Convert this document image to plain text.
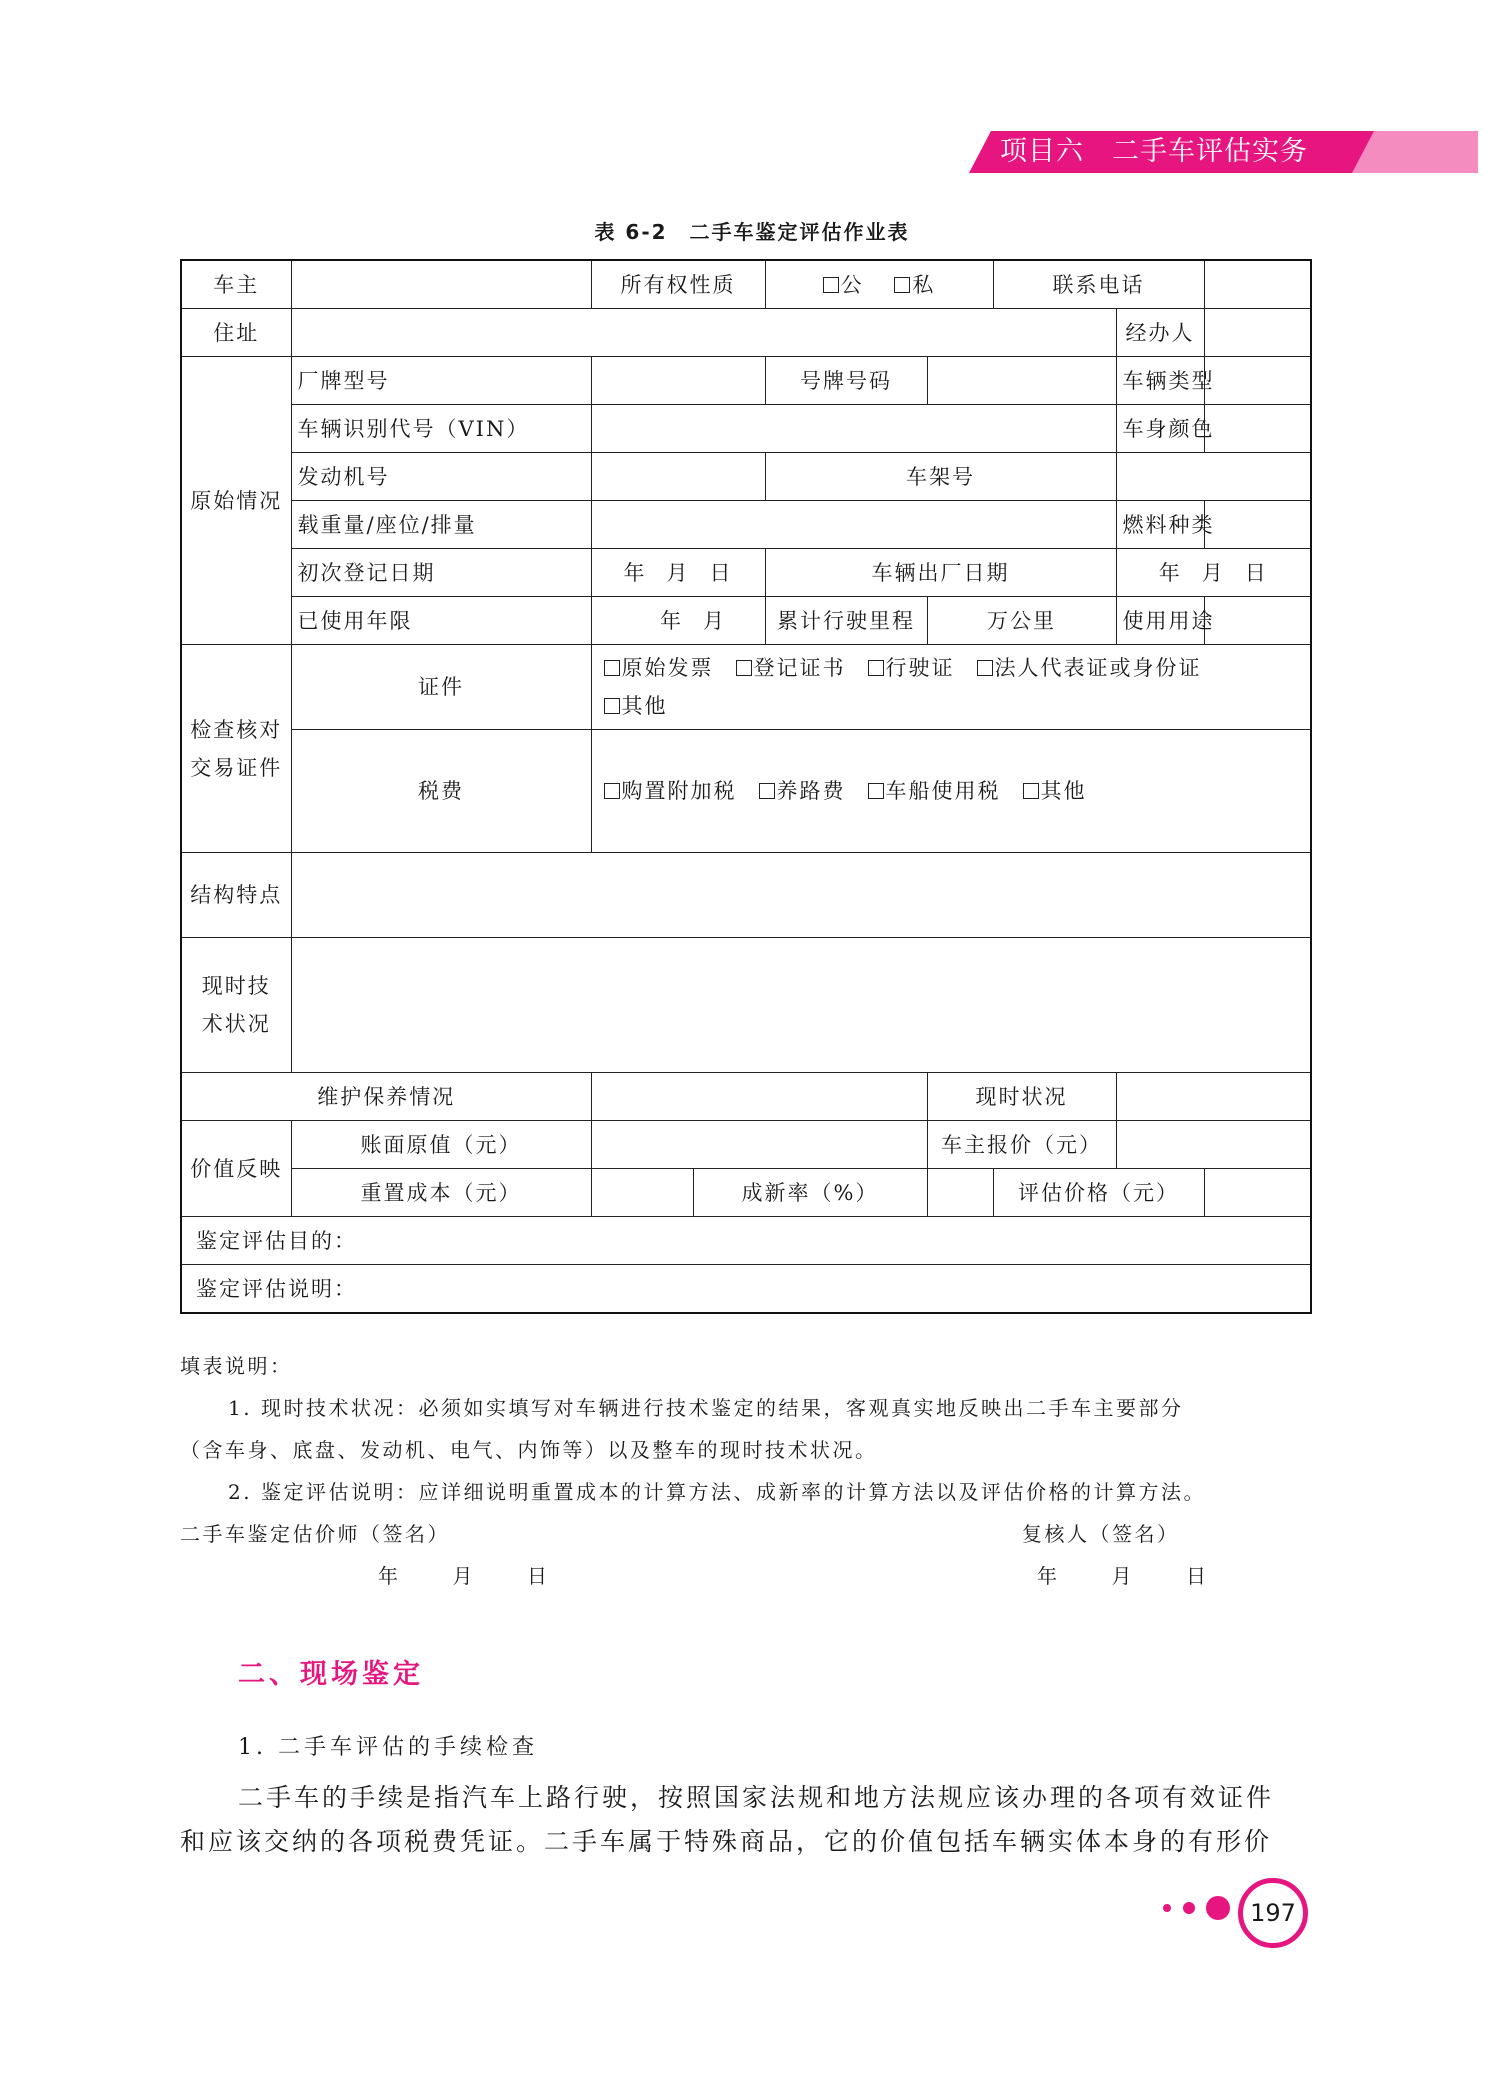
项目六　二手车评估实务
表 6-2　二手车鉴定评估作业表
车主		所有权性质		公 私		联系电话		
住址							经办人	
原始情况	厂牌型号			号牌号码			车辆类型	
	车辆识别代号（VIN）						车身颜色	
	发动机号			车架号				
	载重量/座位/排量						燃料种类	
	初次登记日期	年 月 日		车辆出厂日期			年 月 日	
	已使用年限	年 月		累计行驶里程	万公里		使用用途	
检查核对交易证件	证件	原始发票 登记证书 行驶证 法人代表证或身份证
其他						
	税费	购置附加税 养路费 车船使用税 其他						
结构特点								
现时技术状况								
维护保养情况					现时状况			
价值反映	账面原值（元）				车主报价（元）			
	重置成本（元）		成新率（%）			评估价格（元）		
鉴定评估目的：								
鉴定评估说明：								
填表说明：
1. 现时技术状况：必须如实填写对车辆进行技术鉴定的结果，客观真实地反映出二手车主要部分
（含车身、底盘、发动机、电气、内饰等）以及整车的现时技术状况。
2. 鉴定评估说明：应详细说明重置成本的计算方法、成新率的计算方法以及评估价格的计算方法。
二手车鉴定估价师（签名）	复核人（签名）
年	月	日	年	月	日
二、现场鉴定
1. 二手车评估的手续检查
二手车的手续是指汽车上路行驶，按照国家法规和地方法规应该办理的各项有效证件
和应该交纳的各项税费凭证。二手车属于特殊商品，它的价值包括车辆实体本身的有形价
197
